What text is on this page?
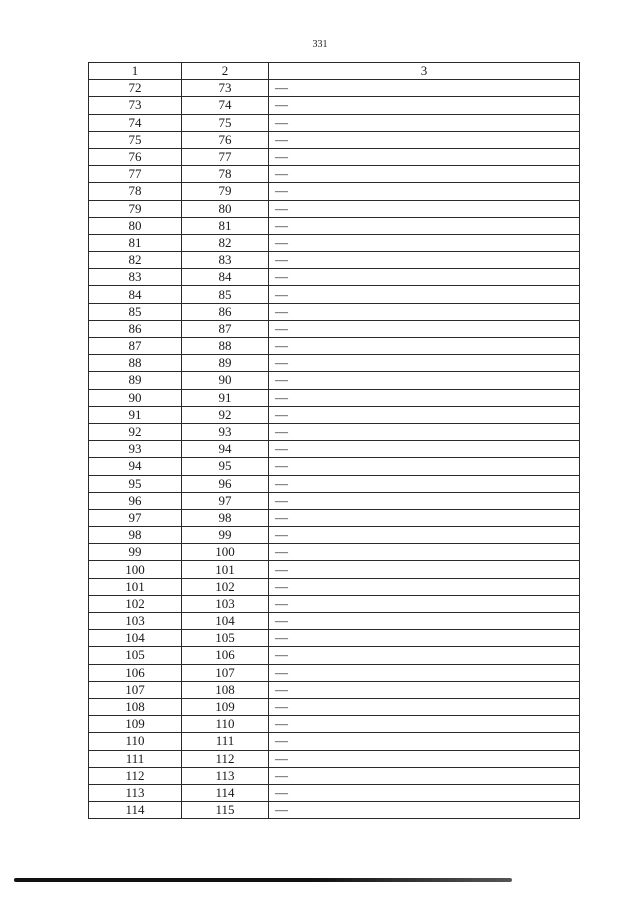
331
1	2	3
72	73	—
73	74	—
74	75	—
75	76	—
76	77	—
77	78	—
78	79	—
79	80	—
80	81	—
81	82	—
82	83	—
83	84	—
84	85	—
85	86	—
86	87	—
87	88	—
88	89	—
89	90	—
90	91	—
91	92	—
92	93	—
93	94	—
94	95	—
95	96	—
96	97	—
97	98	—
98	99	—
99	100	—
100	101	—
101	102	—
102	103	—
103	104	—
104	105	—
105	106	—
106	107	—
107	108	—
108	109	—
109	110	—
110	111	—
111	112	—
112	113	—
113	114	—
114	115	—
